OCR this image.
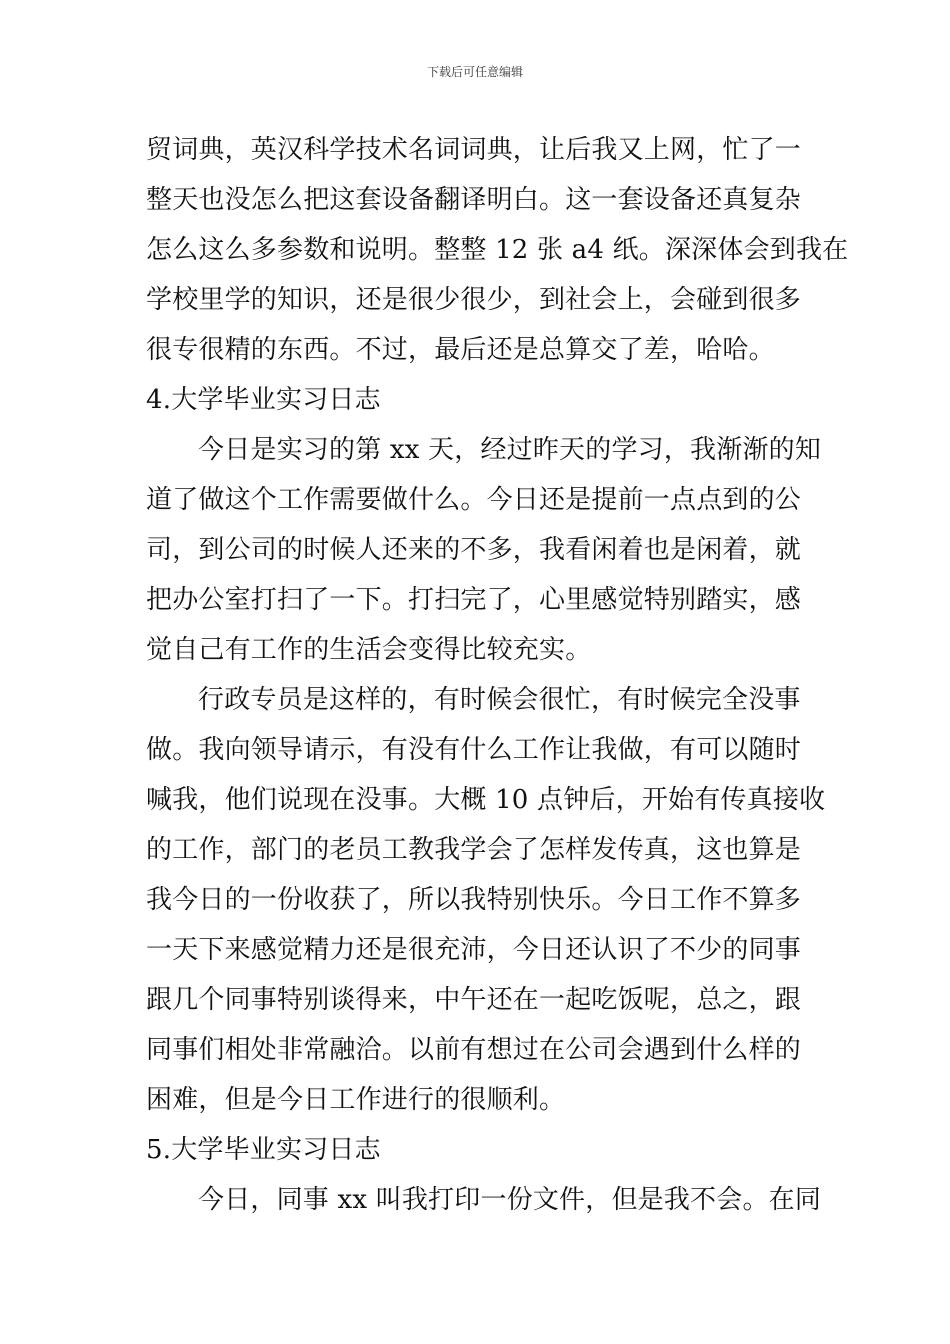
下载后可任意编辑
贸词典，英汉科学技术名词词典，让后我又上网，忙了一
整天也没怎么把这套设备翻译明白。这一套设备还真复杂
怎么这么多参数和说明。整整 12 张 a4 纸。深深体会到我在
学校里学的知识，还是很少很少，到社会上，会碰到很多
很专很精的东西。不过，最后还是总算交了差，哈哈。
4.大学毕业实习日志
今日是实习的第 xx 天，经过昨天的学习，我渐渐的知
道了做这个工作需要做什么。今日还是提前一点点到的公
司，到公司的时候人还来的不多，我看闲着也是闲着，就
把办公室打扫了一下。打扫完了，心里感觉特别踏实，感
觉自己有工作的生活会变得比较充实。
行政专员是这样的，有时候会很忙，有时候完全没事
做。我向领导请示，有没有什么工作让我做，有可以随时
喊我，他们说现在没事。大概 10 点钟后，开始有传真接收
的工作，部门的老员工教我学会了怎样发传真，这也算是
我今日的一份收获了，所以我特别快乐。今日工作不算多
一天下来感觉精力还是很充沛，今日还认识了不少的同事
跟几个同事特别谈得来，中午还在一起吃饭呢，总之，跟
同事们相处非常融洽。以前有想过在公司会遇到什么样的
困难，但是今日工作进行的很顺利。
5.大学毕业实习日志
今日，同事 xx 叫我打印一份文件，但是我不会。在同
